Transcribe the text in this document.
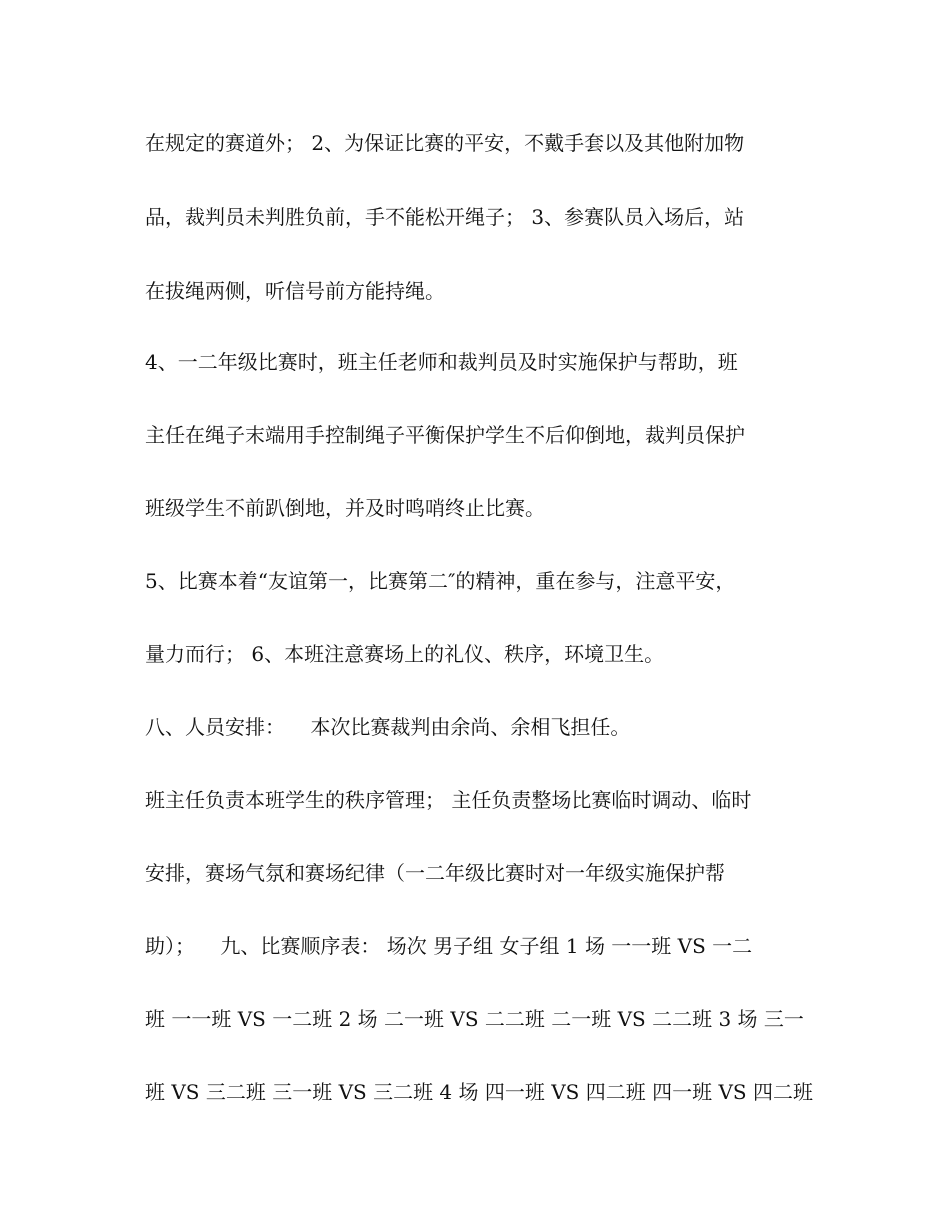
在规定的赛道外； 2、为保证比赛的平安，不戴手套以及其他附加物
品，裁判员未判胜负前，手不能松开绳子； 3、参赛队员入场后，站
在拔绳两侧，听信号前方能持绳。
4、一二年级比赛时，班主任老师和裁判员及时实施保护与帮助，班
主任在绳子末端用手控制绳子平衡保护学生不后仰倒地，裁判员保护
班级学生不前趴倒地，并及时鸣哨终止比赛。
5、比赛本着“友谊第一，比赛第二″的精神，重在参与，注意平安，
量力而行； 6、本班注意赛场上的礼仪、秩序，环境卫生。
八、人员安排：    本次比赛裁判由余尚、余相飞担任。
班主任负责本班学生的秩序管理； 主任负责整场比赛临时调动、临时
安排，赛场气氛和赛场纪律（一二年级比赛时对一年级实施保护帮
助）；    九、比赛顺序表： 场次 男子组 女子组 1 场 一一班 VS 一二
班 一一班 VS 一二班 2 场 二一班 VS 二二班 二一班 VS 二二班 3 场 三一
班 VS 三二班 三一班 VS 三二班 4 场 四一班 VS 四二班 四一班 VS 四二班
